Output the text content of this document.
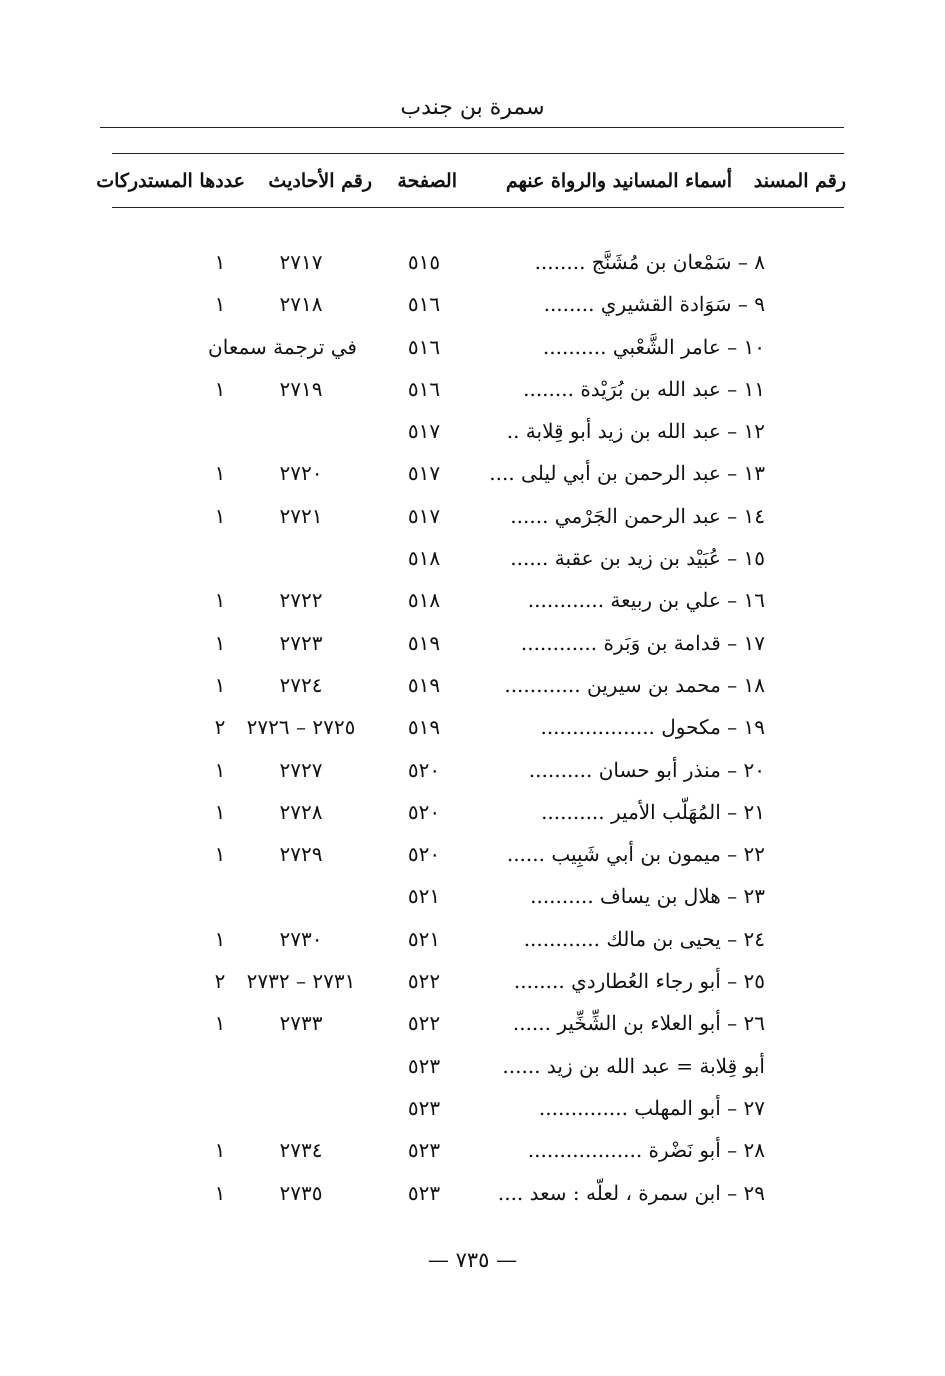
سمرة بن جندب
رقم المسند
أسماء المسانيد والرواة عنهم
الصفحة
رقم الأحاديث
عددها المستدركات
٨ – سَمْعان بن مُشَنَّج ........
٥١٥
٢٧١٧
١
٩ – سَوَادة القشيري ........
٥١٦
٢٧١٨
١
١٠ – عامر الشَّعْبي ..........
٥١٦
في ترجمة سمعان
١١ – عبد الله بن بُرَيْدة ........
٥١٦
٢٧١٩
١
١٢ – عبد الله بن زيد أبو قِلابة ..
٥١٧
١٣ – عبد الرحمن بن أبي ليلى ....
٥١٧
٢٧٢٠
١
١٤ – عبد الرحمن الجَرْمي ......
٥١٧
٢٧٢١
١
١٥ – عُبَيْد بن زيد بن عقبة ......
٥١٨
١٦ – علي بن ربيعة ............
٥١٨
٢٧٢٢
١
١٧ – قدامة بن وَبَرة ............
٥١٩
٢٧٢٣
١
١٨ – محمد بن سيرين ............
٥١٩
٢٧٢٤
١
١٩ – مكحول ..................
٥١٩
٢٧٢٥ – ٢٧٢٦
٢
٢٠ – منذر أبو حسان ..........
٥٢٠
٢٧٢٧
١
٢١ – المُهَلّب الأمير ..........
٥٢٠
٢٧٢٨
١
٢٢ – ميمون بن أبي شَبِيب ......
٥٢٠
٢٧٢٩
١
٢٣ – هلال بن يساف ..........
٥٢١
٢٤ – يحيى بن مالك ............
٥٢١
٢٧٣٠
١
٢٥ – أبو رجاء العُطاردي ........
٥٢٢
٢٧٣١ – ٢٧٣٢
٢
٢٦ – أبو العلاء بن الشِّخِّير ......
٥٢٢
٢٧٣٣
١
أبو قِلابة = عبد الله بن زيد ......
٥٢٣
٢٧ – أبو المهلب ..............
٥٢٣
٢٨ – أبو نَضْرة ..................
٥٢٣
٢٧٣٤
١
٢٩ – ابن سمرة ، لعلّه : سعد ....
٥٢٣
٢٧٣٥
١
— ٧٣٥ —
